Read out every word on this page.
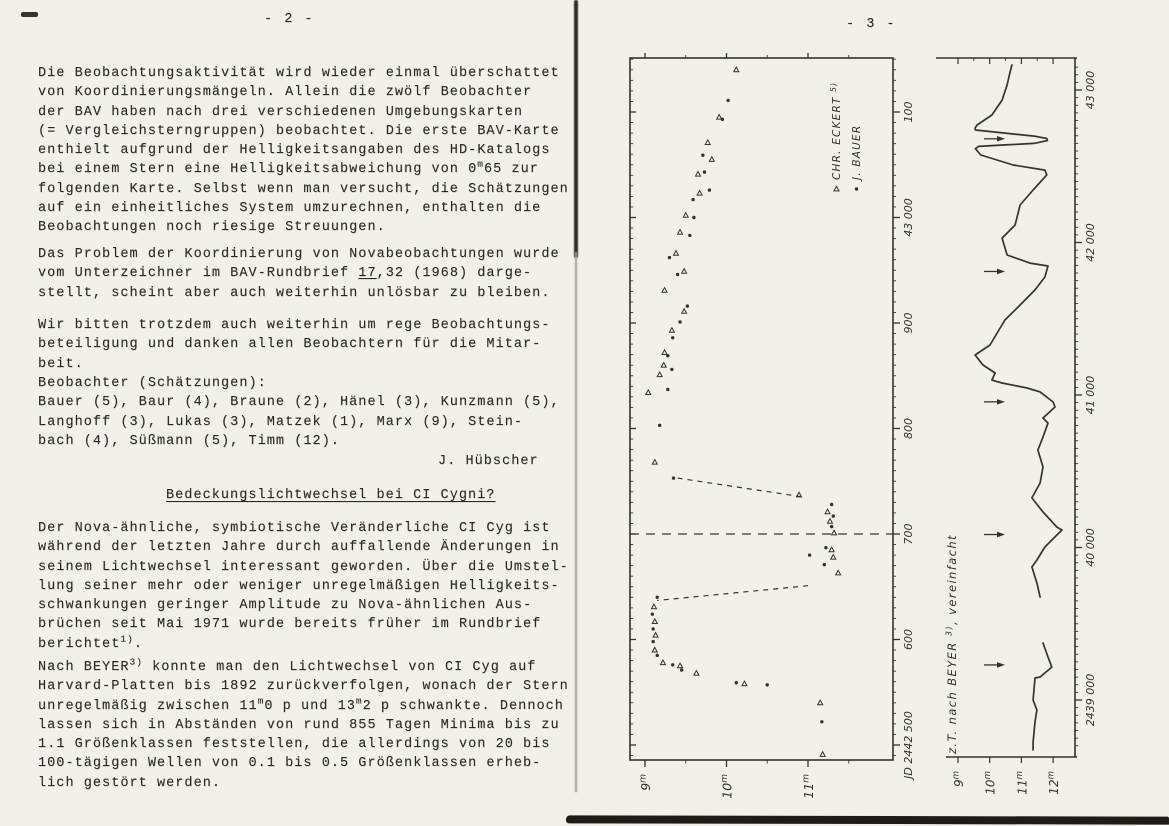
- 2 -	- 3 -
Die Beobachtungsaktivität wird wieder einmal überschattet
von Koordinierungsmängeln. Allein die zwölf Beobachter
der BAV haben nach drei verschiedenen Umgebungskarten
(= Vergleichsterngruppen) beobachtet. Die erste BAV-Karte
enthielt aufgrund der Helligkeitsangaben des HD-Katalogs
bei einem Stern eine Helligkeitsabweichung von 0$^m$65 zur
folgenden Karte. Selbst wenn man versucht, die Schätzungen
auf ein einheitliches System umzurechnen, enthalten die
Beobachtungen noch riesige Streuungen.
Das Problem der Koordinierung von Novabeobachtungen wurde
vom Unterzeichner im BAV-Rundbrief 17,32 (1968) darge-
stellt, scheint aber auch weiterhin unlösbar zu bleiben.
Wir bitten trotzdem auch weiterhin um rege Beobachtungs-
beteiligung und danken allen Beobachtern für die Mitar-
beit.
Beobachter (Schätzungen):
Bauer (5), Baur (4), Braune (2), Hänel (3), Kunzmann (5),
Langhoff (3), Lukas (3), Matzek (1), Marx (9), Stein-
bach (4), Süßmann (5), Timm (12).
J. Hübscher
Bedeckungslichtwechsel bei CI Cygni?
Der Nova-ähnliche, symbiotische Veränderliche CI Cyg ist
während der letzten Jahre durch auffallende Änderungen in
seinem Lichtwechsel interessant geworden. Über die Umstel-
lung seiner mehr oder weniger unregelmäßigen Helligkeits-
schwankungen geringer Amplitude zu Nova-ähnlichen Aus-
brüchen seit Mai 1971 wurde bereits früher im Rundbrief
berichtet$^{1)}$.
Nach BEYER$^{3)}$ konnte man den Lichtwechsel von CI Cyg auf
Harvard-Platten bis 1892 zurückverfolgen, wonach der Stern
unregelmäßig zwischen 11$^m$0 p und 13$^m$2 p schwankte. Dennoch
lassen sich in Abständen von rund 855 Tagen Minima bis zu
1.1 Größenklassen feststellen, die allerdings von 20 bis
100-tägigen Wellen von 0.1 bis 0.5 Größenklassen erheb-
lich gestört werden.
100
43 000
900
800
700
600
JD 2442 500
9$^m$
10$^m$
11$^m$
CHR. ECKERT $^{5)}$
J. BAUER
43 000
42 000
41 000
40 000
2439 000
9$^m$
10$^m$
11$^m$
12$^m$
z.T. nach BEYER $^{3)}$, vereinfacht
